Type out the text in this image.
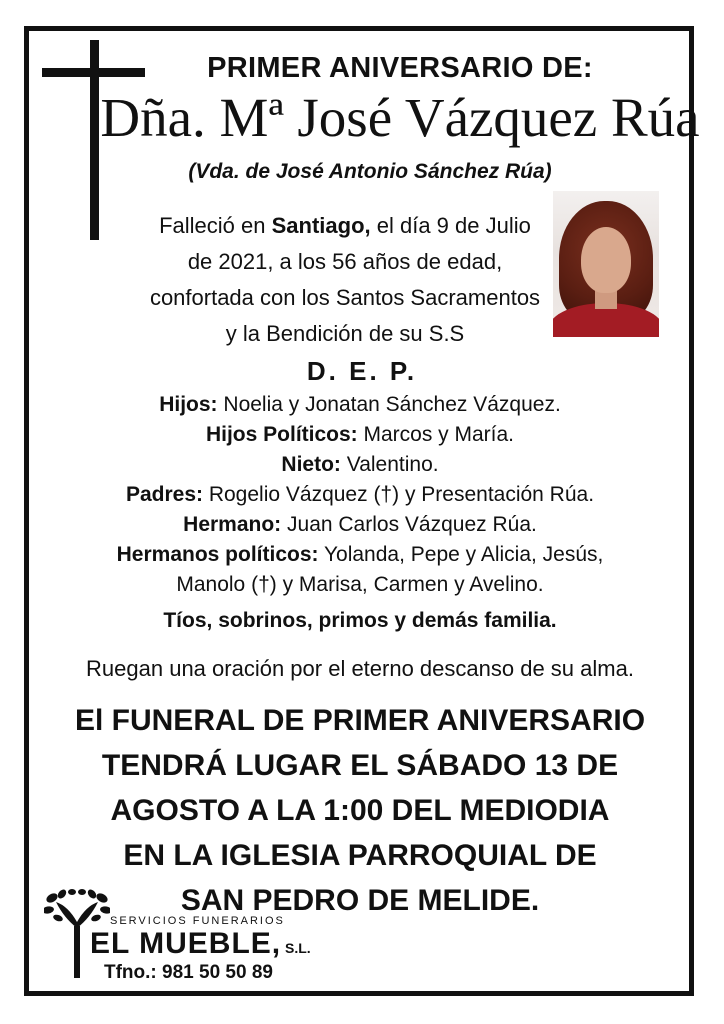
PRIMER ANIVERSARIO DE:
Dña. Mª José Vázquez Rúa
(Vda. de José Antonio Sánchez Rúa)
Falleció en Santiago, el día 9 de Julio
de 2021, a los 56 años de edad,
confortada con los Santos Sacramentos
y la Bendición de su S.S
D. E. P.
Hijos: Noelia y Jonatan Sánchez Vázquez.
Hijos Políticos: Marcos y María.
Nieto: Valentino.
Padres: Rogelio Vázquez (†) y Presentación Rúa.
Hermano: Juan Carlos Vázquez Rúa.
Hermanos políticos: Yolanda, Pepe y Alicia, Jesús,
Manolo (†) y Marisa, Carmen y Avelino.
Tíos, sobrinos, primos y demás familia.
Ruegan una oración por el eterno descanso de su alma.
El FUNERAL DE PRIMER ANIVERSARIO
TENDRÁ LUGAR EL SÁBADO 13 DE
AGOSTO A LA 1:00 DEL MEDIODIA
EN LA IGLESIA PARROQUIAL DE
SAN PEDRO DE MELIDE.
SERVICIOS FUNERARIOS
EL MUEBLE, S.L.
Tfno.: 981 50 50 89
